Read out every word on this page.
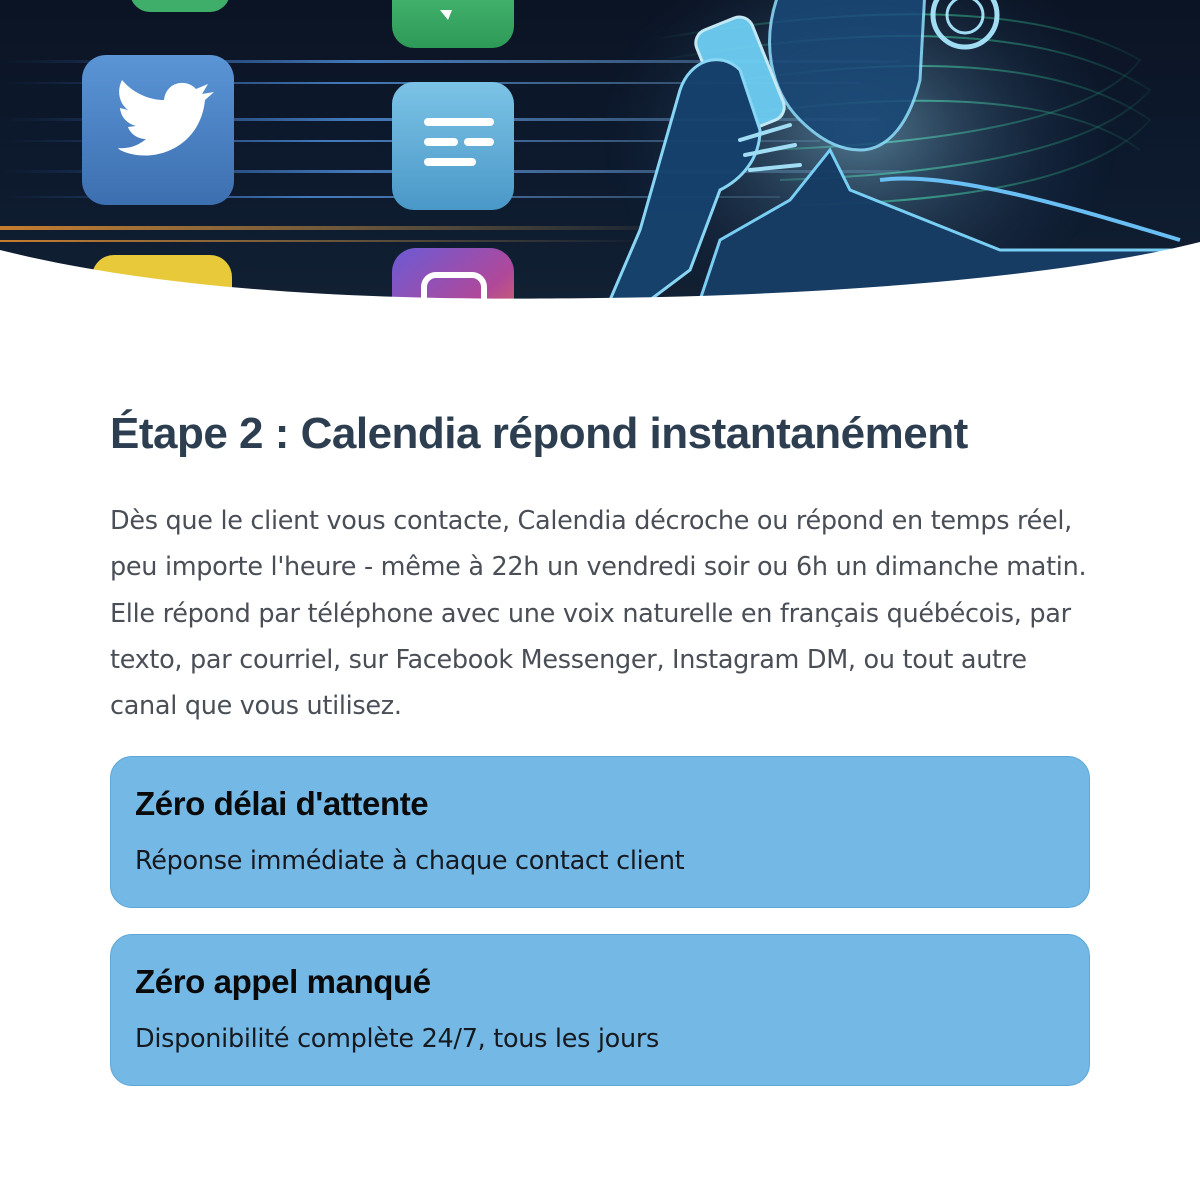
Étape 2 : Calendia répond instantanément

Dès que le client vous contacte, Calendia décroche ou répond en temps réel, peu importe l'heure - même à 22h un vendredi soir ou 6h un dimanche matin. Elle répond par téléphone avec une voix naturelle en français québécois, par texto, par courriel, sur Facebook Messenger, Instagram DM, ou tout autre canal que vous utilisez.

Zéro délai d'attente
Réponse immédiate à chaque contact client
Zéro appel manqué
Disponibilité complète 24/7, tous les jours
